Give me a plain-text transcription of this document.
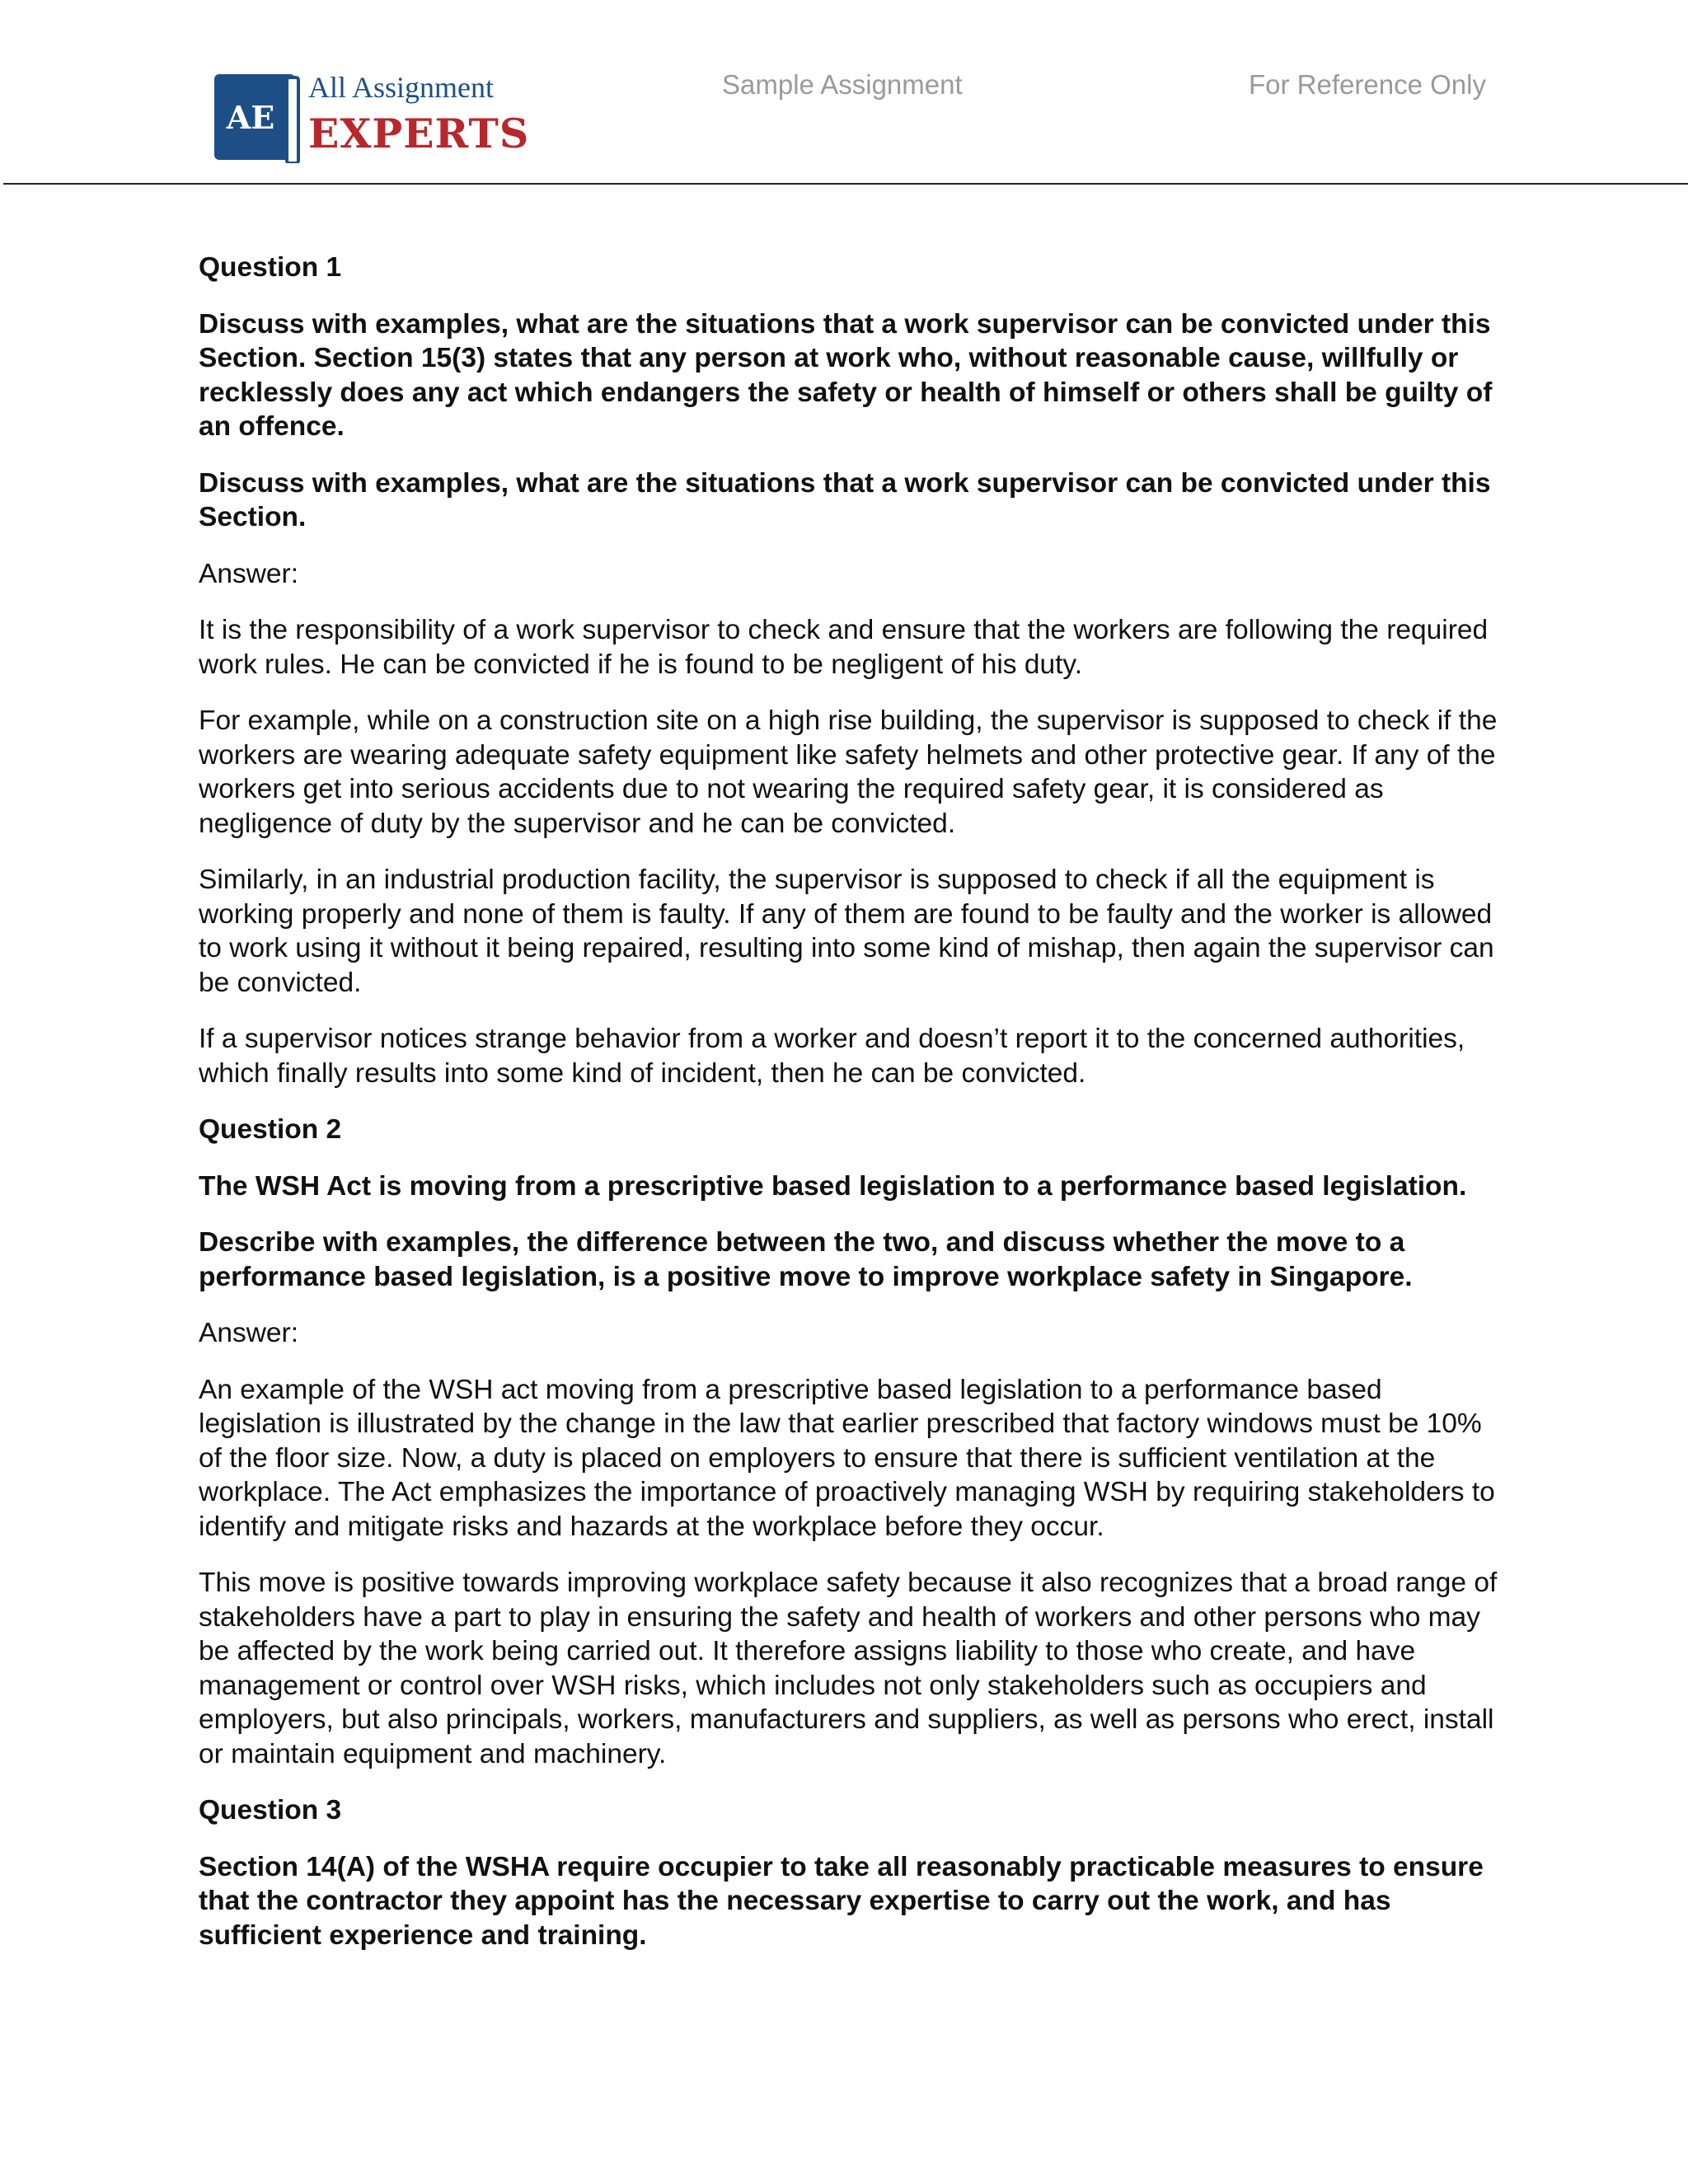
AE
All Assignment
EXPERTS
Sample Assignment	For Reference Only

Question 1

Discuss with examples, what are the situations that a work supervisor can be convicted under this Section. Section 15(3) states that any person at work who, without reasonable cause, willfully or recklessly does any act which endangers the safety or health of himself or others shall be guilty of an offence.

Discuss with examples, what are the situations that a work supervisor can be convicted under this Section.

Answer:

It is the responsibility of a work supervisor to check and ensure that the workers are following the required work rules. He can be convicted if he is found to be negligent of his duty.

For example, while on a construction site on a high rise building, the supervisor is supposed to check if the workers are wearing adequate safety equipment like safety helmets and other protective gear. If any of the workers get into serious accidents due to not wearing the required safety gear, it is considered as negligence of duty by the supervisor and he can be convicted.

Similarly, in an industrial production facility, the supervisor is supposed to check if all the equipment is working properly and none of them is faulty. If any of them are found to be faulty and the worker is allowed to work using it without it being repaired, resulting into some kind of mishap, then again the supervisor can be convicted.

If a supervisor notices strange behavior from a worker and doesn’t report it to the concerned authorities, which finally results into some kind of incident, then he can be convicted.

Question 2

The WSH Act is moving from a prescriptive based legislation to a performance based legislation.

Describe with examples, the difference between the two, and discuss whether the move to a performance based legislation, is a positive move to improve workplace safety in Singapore.

Answer:

An example of the WSH act moving from a prescriptive based legislation to a performance based legislation is illustrated by the change in the law that earlier prescribed that factory windows must be 10% of the floor size. Now, a duty is placed on employers to ensure that there is sufficient ventilation at the workplace. The Act emphasizes the importance of proactively managing WSH by requiring stakeholders to identify and mitigate risks and hazards at the workplace before they occur.

This move is positive towards improving workplace safety because it also recognizes that a broad range of stakeholders have a part to play in ensuring the safety and health of workers and other persons who may be affected by the work being carried out. It therefore assigns liability to those who create, and have management or control over WSH risks, which includes not only stakeholders such as occupiers and employers, but also principals, workers, manufacturers and suppliers, as well as persons who erect, install or maintain equipment and machinery.

Question 3

Section 14(A) of the WSHA require occupier to take all reasonably practicable measures to ensure that the contractor they appoint has the necessary expertise to carry out the work, and has sufficient experience and training.
